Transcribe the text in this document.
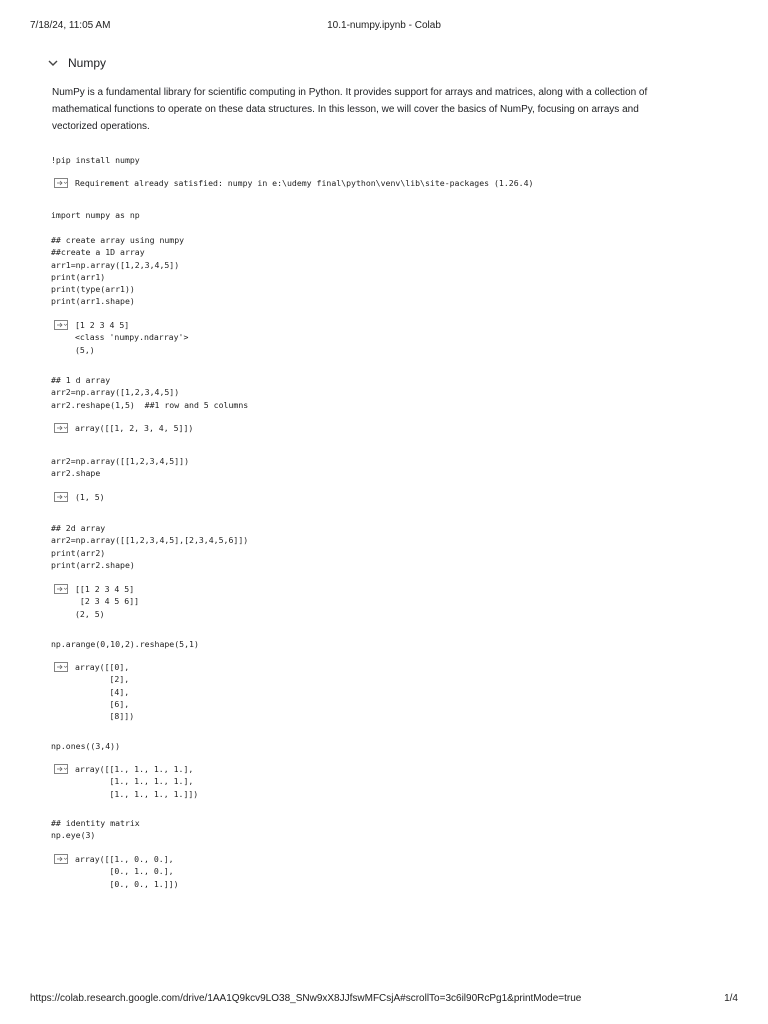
7/18/24, 11:05 AM	10.1-numpy.ipynb - Colab
Numpy
NumPy is a fundamental library for scientific computing in Python. It provides support for arrays and matrices, along with a collection of mathematical functions to operate on these data structures. In this lesson, we will cover the basics of NumPy, focusing on arrays and vectorized operations.
!pip install numpy
Requirement already satisfied: numpy in e:\udemy final\python\venv\lib\site-packages (1.26.4)
import numpy as np
## create array using numpy
##create a 1D array
arr1=np.array([1,2,3,4,5])
print(arr1)
print(type(arr1))
print(arr1.shape)
[1 2 3 4 5]
<class 'numpy.ndarray'>
(5,)
## 1 d array
arr2=np.array([1,2,3,4,5])
arr2.reshape(1,5)  ##1 row and 5 columns
array([[1, 2, 3, 4, 5]])
arr2=np.array([[1,2,3,4,5]])
arr2.shape
(1, 5)
## 2d array
arr2=np.array([[1,2,3,4,5],[2,3,4,5,6]])
print(arr2)
print(arr2.shape)
[[1 2 3 4 5]
[2 3 4 5 6]]
(2, 5)
np.arange(0,10,2).reshape(5,1)
array([[0],
[2],
[4],
[6],
[8]])
np.ones((3,4))
array([[1., 1., 1., 1.],
[1., 1., 1., 1.],
[1., 1., 1., 1.]])
## identity matrix
np.eye(3)
array([[1., 0., 0.],
[0., 1., 0.],
[0., 0., 1.]])
https://colab.research.google.com/drive/1AA1Q9kcv9LO38_SNw9xX8JJfswMFCsjA#scrollTo=3c6il90RcPg1&printMode=true	1/4
